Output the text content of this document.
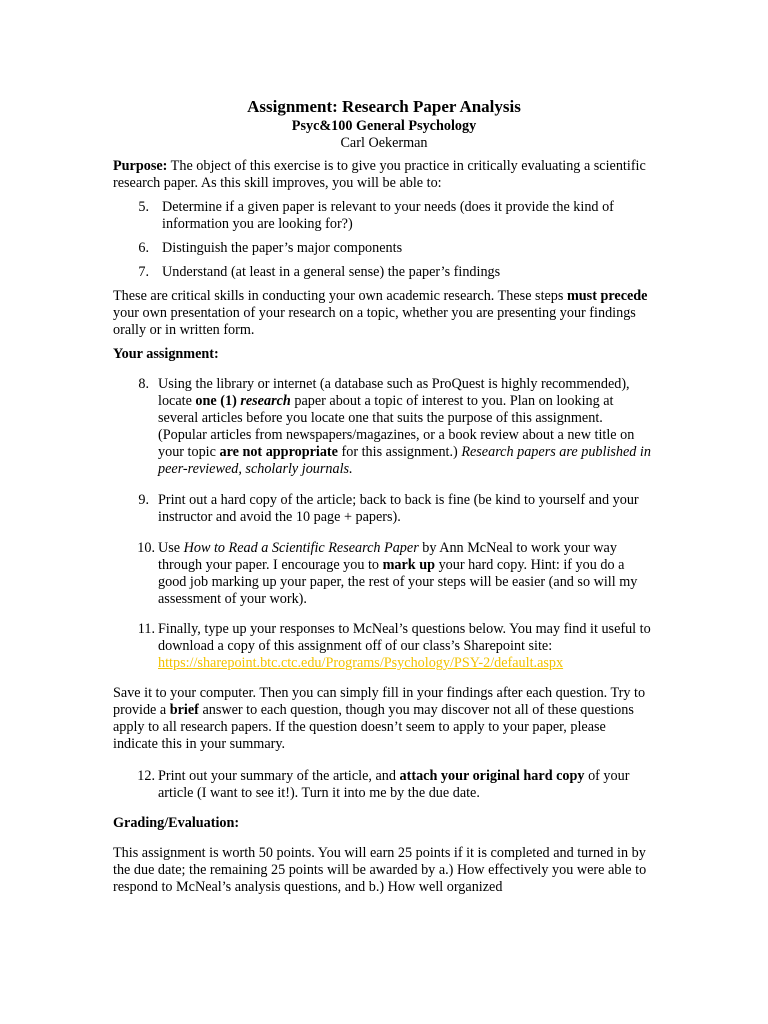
Assignment: Research Paper Analysis
Psyc&100 General Psychology
Carl Oekerman

Purpose: The object of this exercise is to give you practice in critically evaluating a scientific research paper. As this skill improves, you will be able to:

5. Determine if a given paper is relevant to your needs (does it provide the kind of information you are looking for?)
6. Distinguish the paper’s major components
7. Understand (at least in a general sense) the paper’s findings

These are critical skills in conducting your own academic research. These steps must precede your own presentation of your research on a topic, whether you are presenting your findings orally or in written form.

Your assignment:
8. Using the library or internet (a database such as ProQuest is highly recommended), locate one (1) research paper about a topic of interest to you. Plan on looking at several articles before you locate one that suits the purpose of this assignment. (Popular articles from newspapers/magazines, or a book review about a new title on your topic are not appropriate for this assignment.) Research papers are published in peer-reviewed, scholarly journals.
9. Print out a hard copy of the article; back to back is fine (be kind to yourself and your instructor and avoid the 10 page + papers).
10. Use How to Read a Scientific Research Paper by Ann McNeal to work your way through your paper. I encourage you to mark up your hard copy. Hint: if you do a good job marking up your paper, the rest of your steps will be easier (and so will my assessment of your work).
11. Finally, type up your responses to McNeal’s questions below. You may find it useful to download a copy of this assignment off of our class’s Sharepoint site: https://sharepoint.btc.ctc.edu/Programs/Psychology/PSY-2/default.aspx

Save it to your computer. Then you can simply fill in your findings after each question. Try to provide a brief answer to each question, though you may discover not all of these questions apply to all research papers. If the question doesn’t seem to apply to your paper, please indicate this in your summary.

12. Print out your summary of the article, and attach your original hard copy of your article (I want to see it!). Turn it into me by the due date.
Grading/Evaluation:

This assignment is worth 50 points. You will earn 25 points if it is completed and turned in by the due date; the remaining 25 points will be awarded by a.) How effectively you were able to respond to McNeal’s analysis questions, and b.) How well organized
